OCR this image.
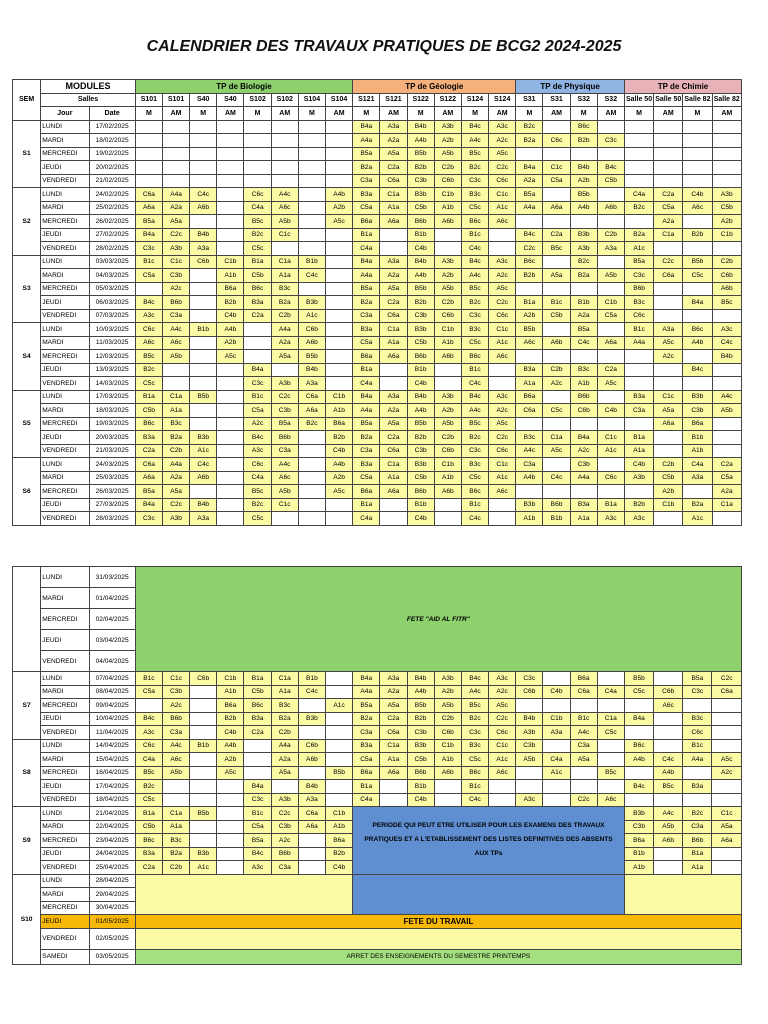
CALENDRIER DES TRAVAUX PRATIQUES DE BCG2 2024-2025
SEM	MODULES		TP de Biologie								TP de Géologie						TP de Physique				TP de Chimie			
	Salles		S101	S101	S40	S40	S102	S102	S104	S104	S121	S121	S122	S122	S124	S124	S31	S31	S32	S32	Salle 50	Salle 50	Salle 82	Salle 82
	Jour	Date	M	AM	M	AM	M	AM	M	AM	M	AM	M	AM	M	AM	M	AM	M	AM	M	AM	M	AM
S1	LUNDI	17/02/2025									B4a	A3a	B4b	A3b	B4c	A3c	B2c		B6c					
	MARDI	18/02/2025									A4a	A2a	A4b	A2b	A4c	A2c	B2a	C6c	B2b	C3c				
	MERCREDI	19/02/2025									B5a	A5a	B5b	A5b	B5c	A5c								
	JEUDI	20/02/2025									B2a	C2a	B2b	C2b	B2c	C2c	B4a	C1c	B4b	B4c				
	VENDREDI	21/02/2025									C3a	C6a	C3b	C6b	C3c	C6c	A2a	C5a	A2b	C5b				
S2	LUNDI	24/02/2025	C6a	A4a	C4c		C6c	A4c		A4b	B3a	C1a	B3b	C1b	B3c	C1c	B5a		B5b		C4a	C2a	C4b	A3b
	MARDI	25/02/2025	A6a	A2a	A6b		C4a	A6c		A2b	C5a	A1a	C5b	A1b	C5c	A1c	A4a	A6a	A4b	A6b	B2c	C5a	A6c	C5b
	MERCREDI	26/02/2025	B5a	A5a			B5c	A5b		A5c	B6a	A6a	B6b	A6b	B6c	A6c						A2a		A2b
	JEUDI	27/02/2025	B4a	C2c	B4b		B2c	C1c			B1a		B1b		B1c		B4c	C2a	B3b	C2b	B2a	C1a	B2b	C1b
	VENDREDI	28/02/2025	C3c	A3b	A3a		C5c				C4a		C4b		C4c		C2c	B5c	A3b	A3a	A1c			
S3	LUNDI	03/03/2025	B1c	C1c	C6b	C1b	B1a	C1a	B1b		B4a	A3a	B4b	A3b	B4c	A3c	B6c		B2c		B5a	C2c	B5b	C2b
	MARDI	04/03/2025	C5a	C3b		A1b	C5b	A1a	C4c		A4a	A2a	A4b	A2b	A4c	A2c	B2b	A5a	B2a	A5b	C3c	C6a	C5c	C6b
	MERCREDI	05/03/2025		A2c		B6a	B6c	B3c			B5a	A5a	B5b	A5b	B5c	A5c					B6b			A6b
	JEUDI	06/03/2025	B4c	B6b		B2b	B3a	B2a	B3b		B2a	C2a	B2b	C2b	B2c	C2c	B1a	B1c	B1b	C1b	B3c		B4a	B5c
	VENDREDI	07/03/2025	A3c	C3a		C4b	C2a	C2b	A1c		C3a	C6a	C3b	C6b	C3c	C6c	A2b	C5b	A2a	C5a	C6c			
S4	LUNDI	10/03/2025	C6c	A4c	B1b	A4b		A4a	C6b		B3a	C1a	B3b	C1b	B3c	C1c	B5b		B5a		B1c	A3a	B6c	A3c
	MARDI	11/03/2025	A6c	A6c		A2b		A2a	A6b		C5a	A1a	C5b	A1b	C5c	A1c	A6c	A6b	C4c	A6a	A4a	A5c	A4b	C4c
	MERCREDI	12/03/2025	B5c	A5b		A5c		A5a	B5b		B6a	A6a	B6b	A6b	B6c	A6c						A2c		B4b
	JEUDI	13/03/2025	B2c				B4a		B4b		B1a		B1b		B1c		B3a	C2b	B3c	C2a			B4c	
	VENDREDI	14/03/2025	C5c				C3c	A3b	A3a		C4a		C4b		C4c		A1a	A2c	A1b	A5c				
S5	LUNDI	17/03/2025	B1a	C1a	B5b		B1c	C2c	C6a	C1b	B4a	A3a	B4b	A3b	B4c	A3c	B6a		B6b		B3a	C1c	B3b	A4c
	MARDI	18/03/2025	C5b	A1a			C5a	C3b	A6a	A1b	A4a	A2a	A4b	A2b	A4c	A2c	C6a	C5c	C6b	C4b	C3a	A5a	C3b	A5b
	MERCREDI	19/03/2025	B6c	B3c			A2c	B5a	B2c	B6a	B5a	A5a	B5b	A5b	B5c	A5c						A6a	B6a	
	JEUDI	20/03/2025	B3a	B2a	B3b		B4c	B6b		B2b	B2a	C2a	B2b	C2b	B2c	C2c	B3c	C1a	B4a	C1c	B1a		B1b	
	VENDREDI	21/03/2025	C2a	C2b	A1c		A3c	C3a		C4b	C3a	C6a	C3b	C6b	C3c	C6c	A4c	A5c	A2c	A1c	A1a		A1b	
S6	LUNDI	24/03/2025	C6a	A4a	C4c		C6c	A4c		A4b	B3a	C1a	B3b	C1b	B3c	C1c	C3a		C3b		C4b	C2b	C4a	C2a
	MARDI	25/03/2025	A6a	A2a	A6b		C4a	A6c		A2b	C5a	A1a	C5b	A1b	C5c	A1c	A4b	C4c	A4a	C6c	A3b	C5b	A3a	C5a
	MERCREDI	26/03/2025	B5a	A5a			B5c	A5b		A5c	B6a	A6a	B6b	A6b	B6c	A6c						A2b		A2a
	JEUDI	27/03/2025	B4a	C2c	B4b		B2c	C1c			B1a		B1b		B1c		B3b	B6b	B3a	B1a	B2b	C1b	B2a	C1a
	VENDREDI	28/03/2025	C3c	A3b	A3a		C5c				C4a		C4b		C4c		A1b	B1b	A1a	A3c	A3c		A1c	
	LUNDI	31/03/2025	FETE "AID AL FITR"																					
	MARDI	01/04/2025																						
	MERCREDI	02/04/2025																						
	JEUDI	03/04/2025																						
	VENDREDI	04/04/2025																						
S7	LUNDI	07/04/2025	B1c	C1c	C6b	C1b	B1a	C1a	B1b		B4a	A3a	B4b	A3b	B4c	A3c	C3c		B6a		B5b		B5a	C2c
	MARDI	08/04/2025	C5a	C3b		A1b	C5b	A1a	C4c		A4a	A2a	A4b	A2b	A4c	A2c	C6b	C4b	C6a	C4a	C5c	C6b	C3c	C6a
	MERCREDI	09/04/2025		A2c		B6a	B6c	B3c		A1c	B5a	A5a	B5b	A5b	B5c	A5c						A6c		
	JEUDI	10/04/2025	B4c	B6b		B2b	B3a	B2a	B3b		B2a	C2a	B2b	C2b	B2c	C2c	B4b	C1b	B1c	C1a	B4a		B3c	
	VENDREDI	11/04/2025	A3c	C3a		C4b	C2a	C2b			C3a	C6a	C3b	C6b	C3c	C6c	A3b	A3a	A4c	C5c			C6c	
S8	LUNDI	14/04/2025	C6c	A4c	B1b	A4b		A4a	C6b		B3a	C1a	B3b	C1b	B3c	C1c	C3b		C3a		B6c		B1c	
	MARDI	15/04/2025	C4a	A6c		A2b		A2a	A6b		C5a	A1a	C5b	A1b	C5c	A1c	A5b	C4a	A5a		A4b	C4c	A4a	A5c
	MERCREDI	16/04/2025	B5c	A5b		A5c		A5a		B5b	B6a	A6a	B6b	A6b	B6c	A6c		A1c		B5c		A4b		A2c
	JEUDI	17/04/2025	B2c				B4a		B4b		B1a		B1b		B1c						B4c	B5c	B3a	
	VENDREDI	18/04/2025	C5c				C3c	A3b	A3a		C4a		C4b		C4c		A3c		C2c	A6c				
S9	LUNDI	21/04/2025	B1a	C1a	B5b		B1c	C2c	C6a	C1b	PERIODE QUI PEUT ETRE UTILISER POUR LES EXAMENS DES TRAVAUX PRATIQUES ET A L'ETABLISSEMENT DES LISTES DEFINITIVES DES ABSENTS AUX TPs										B3b	A4c	B2c	C1c
	MARDI	22/04/2025	C5b	A1a			C5a	C3b	A6a	A1b											C3b	A5b	C3a	A5a
	MERCREDI	23/04/2025	B6c	B3c			B5a	A2c		B6a											B6a	A6b	B6b	A6a
	JEUDI	24/04/2025	B3a	B2a	B3b		B4c	B6b		B2b											B1b		B1a	
	VENDREDI	25/04/2025	C2a	C2b	A1c		A3c	C3a		C4b											A1b		A1a	
S10	LUNDI	28/04/2025																						
	MARDI	29/04/2025																						
	MERCREDI	30/04/2025																						
	JEUDI	01/05/2025	FETE DU TRAVAIL																					
	VENDREDI	02/05/2025																						
	SAMEDI	03/05/2025	ARRET DES ENSEIGNEMENTS DU SEMESTRE PRINTEMPS																					
